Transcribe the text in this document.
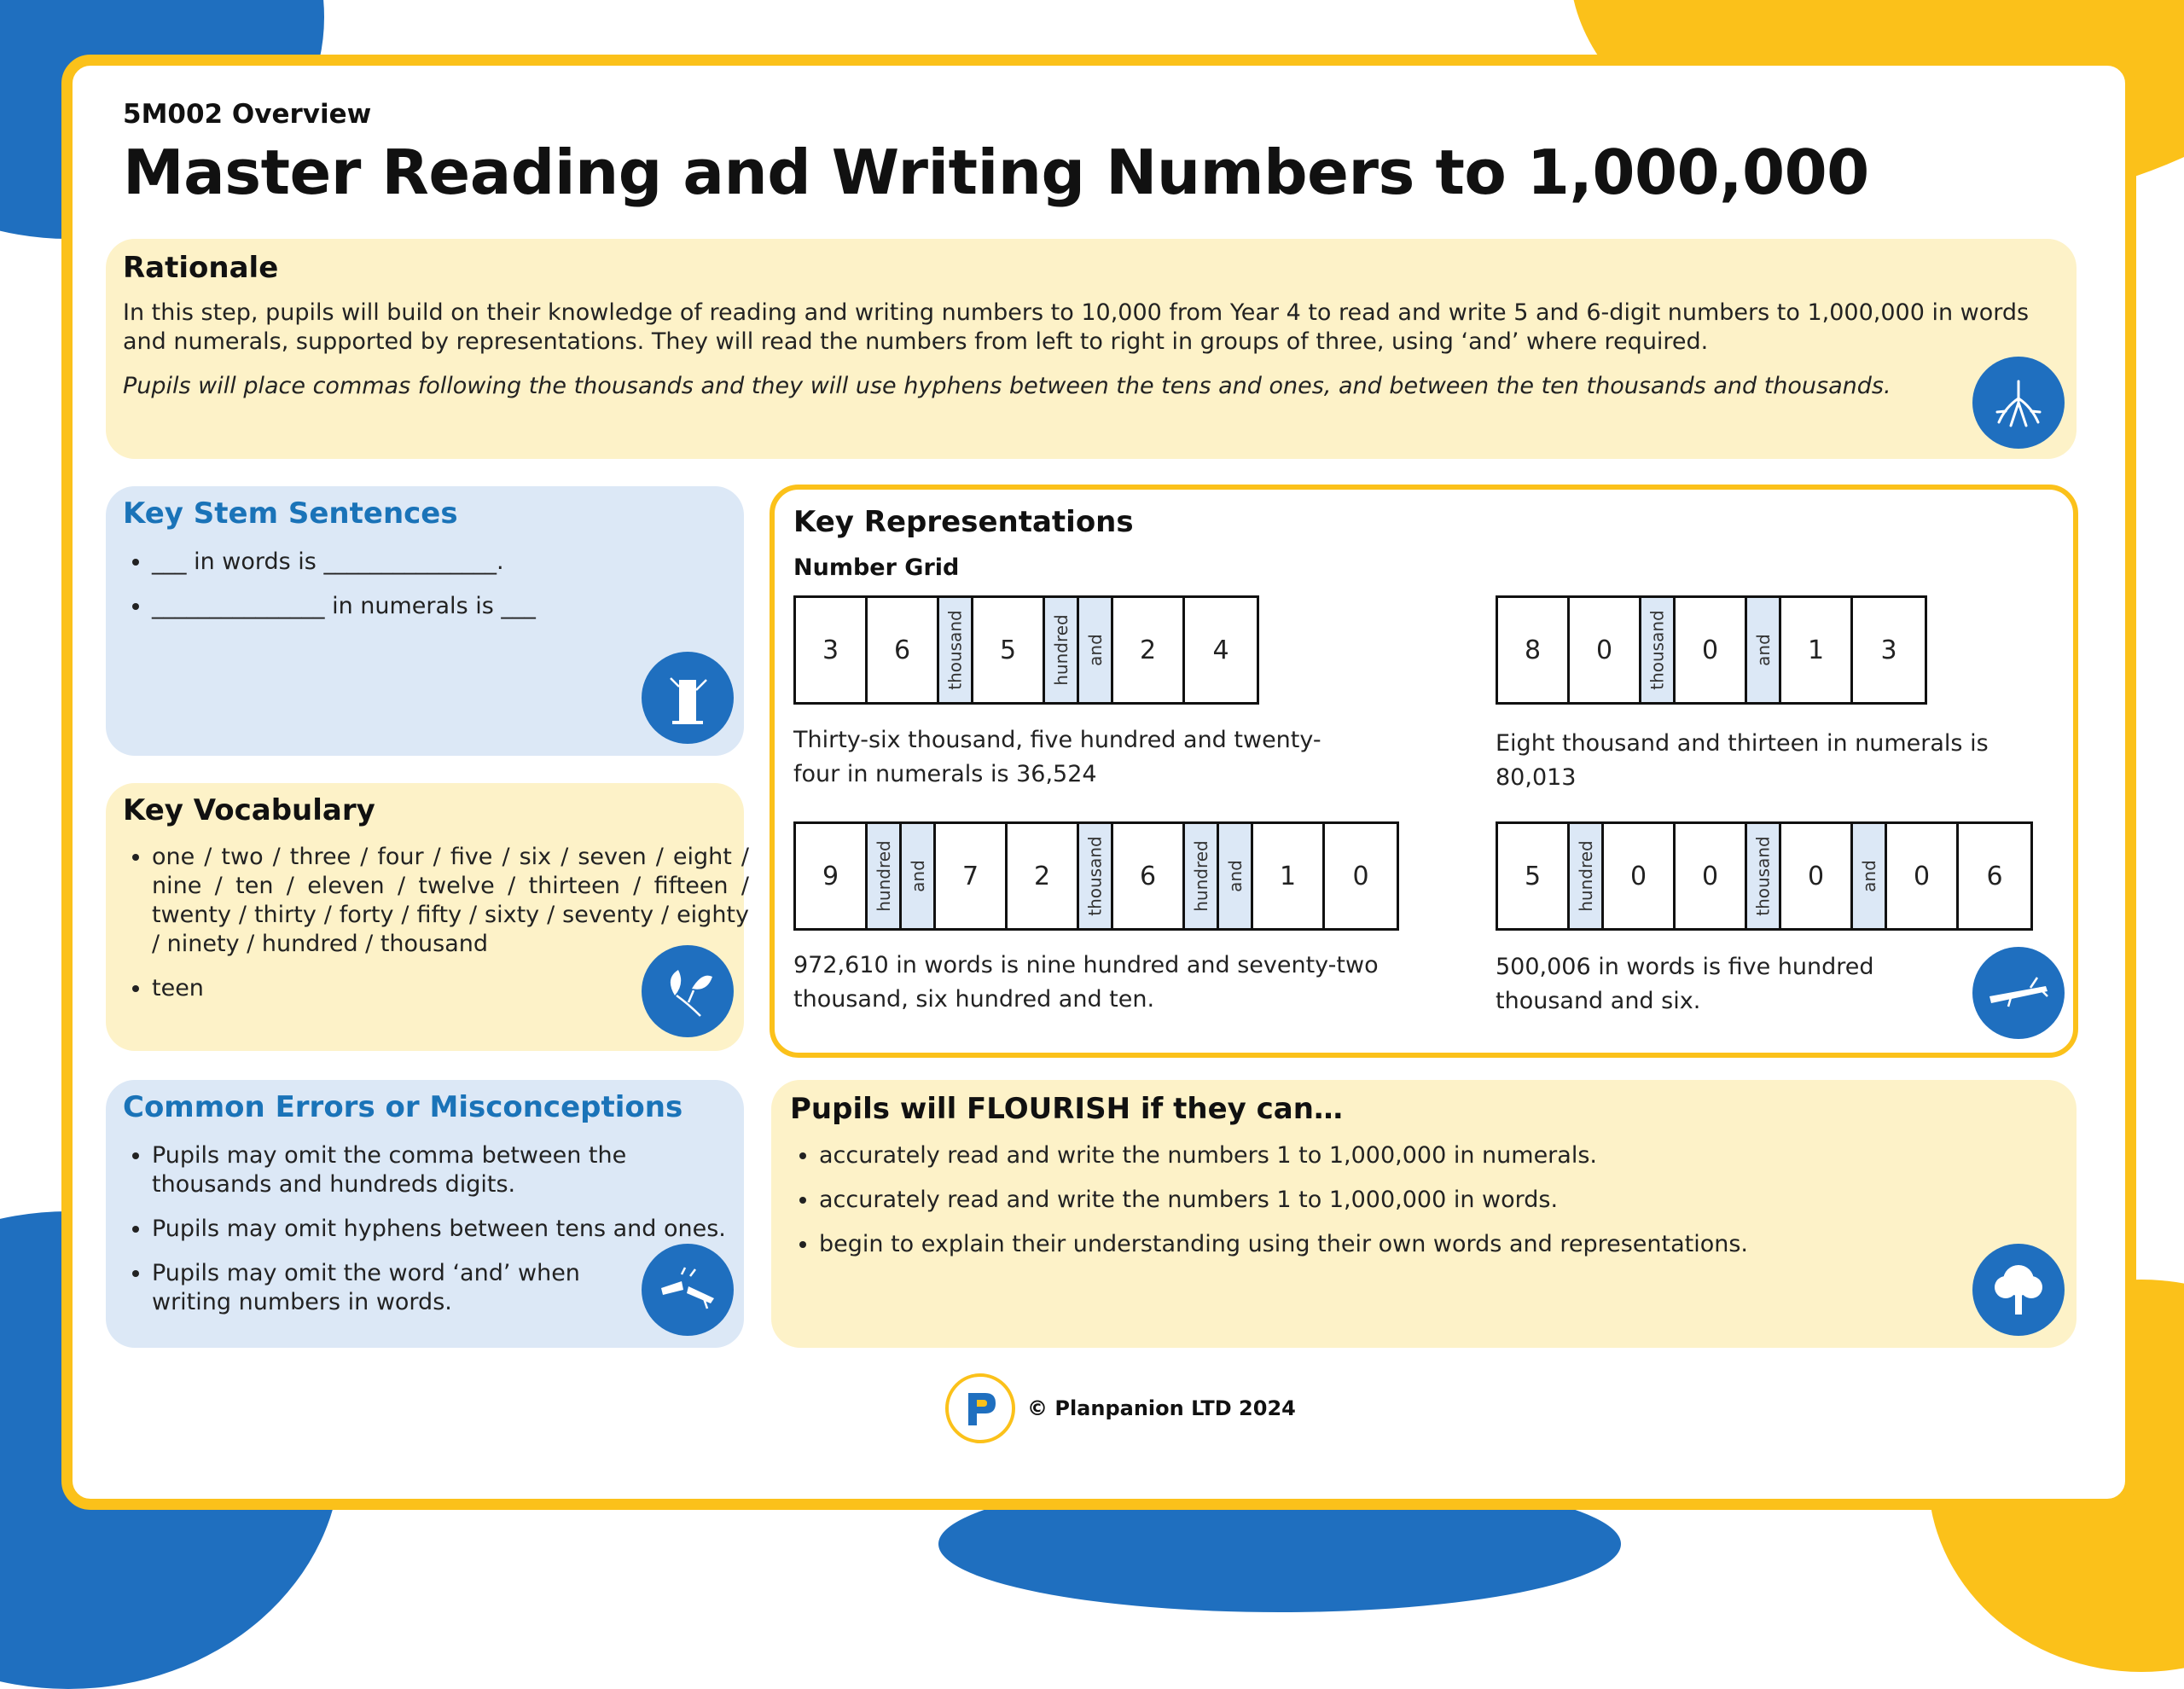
5M002 Overview
Master Reading and Writing Numbers to 1,000,000
Rationale
In this step, pupils will build on their knowledge of reading and writing numbers to 10,000 from Year 4 to read and write 5 and 6-digit numbers to 1,000,000 in words and numerals, supported by representations. They will read the numbers from left to right in groups of three, using ‘and’ where required.
Pupils will place commas following the thousands and they will use hyphens between the tens and ones, and between the ten thousands and thousands.
Key Stem Sentences
• ___ in words is _______________.
• _______________ in numerals is ___
Key Vocabulary
• one / two / three / four / five / six / seven / eight / nine / ten / eleven / twelve / thirteen / fifteen / twenty / thirty / forty / fifty / sixty / seventy / eighty / ninety / hundred / thousand
• teen
Common Errors or Misconceptions
• Pupils may omit the comma between the thousands and hundreds digits.
• Pupils may omit hyphens between tens and ones.
• Pupils may omit the word ‘and’ when writing numbers in words.
Key Representations
Number Grid
3 6 thousand 5 hundred and 2 4
Thirty-six thousand, five hundred and twenty-four in numerals is 36,524
8 0 thousand 0 and 1 3
Eight thousand and thirteen in numerals is 80,013
9 hundred and 7 2 thousand 6 hundred and 1 0
972,610 in words is nine hundred and seventy-two thousand, six hundred and ten.
5 hundred 0 0 thousand 0 and 0 6
500,006 in words is five hundred thousand and six.
Pupils will FLOURISH if they can…
• accurately read and write the numbers 1 to 1,000,000 in numerals.
• accurately read and write the numbers 1 to 1,000,000 in words.
• begin to explain their understanding using their own words and representations.
© Planpanion LTD 2024
